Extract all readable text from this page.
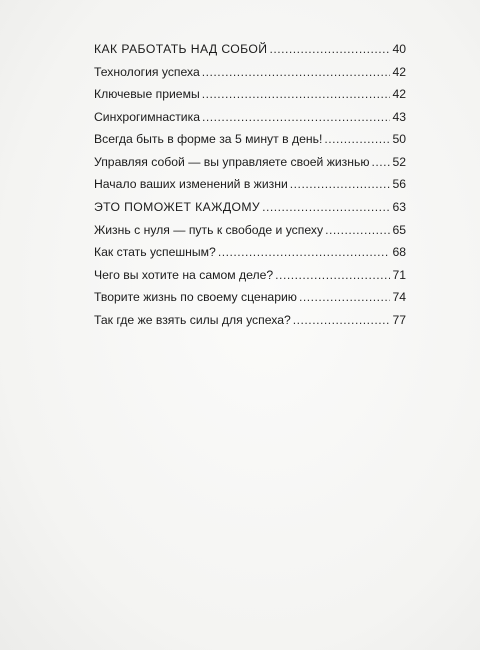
КАК РАБОТАТЬ НАД СОБОЙ .....	40
Технология успеха .....	42
Ключевые приемы .....	42
Синхрогимнастика .....	43
Всегда быть в форме за 5 минут в день! .....	50
Управляя собой — вы управляете своей жизнью ..... 52
Начало ваших изменений в жизни .....	56
ЭТО ПОМОЖЕТ КАЖДОМУ .....	63
Жизнь с нуля — путь к свободе и успеху .....	65
Как стать успешным? .....	68
Чего вы хотите на самом деле? .....	71
Творите жизнь по своему сценарию .....	74
Так где же взять силы для успеха? .....	77
